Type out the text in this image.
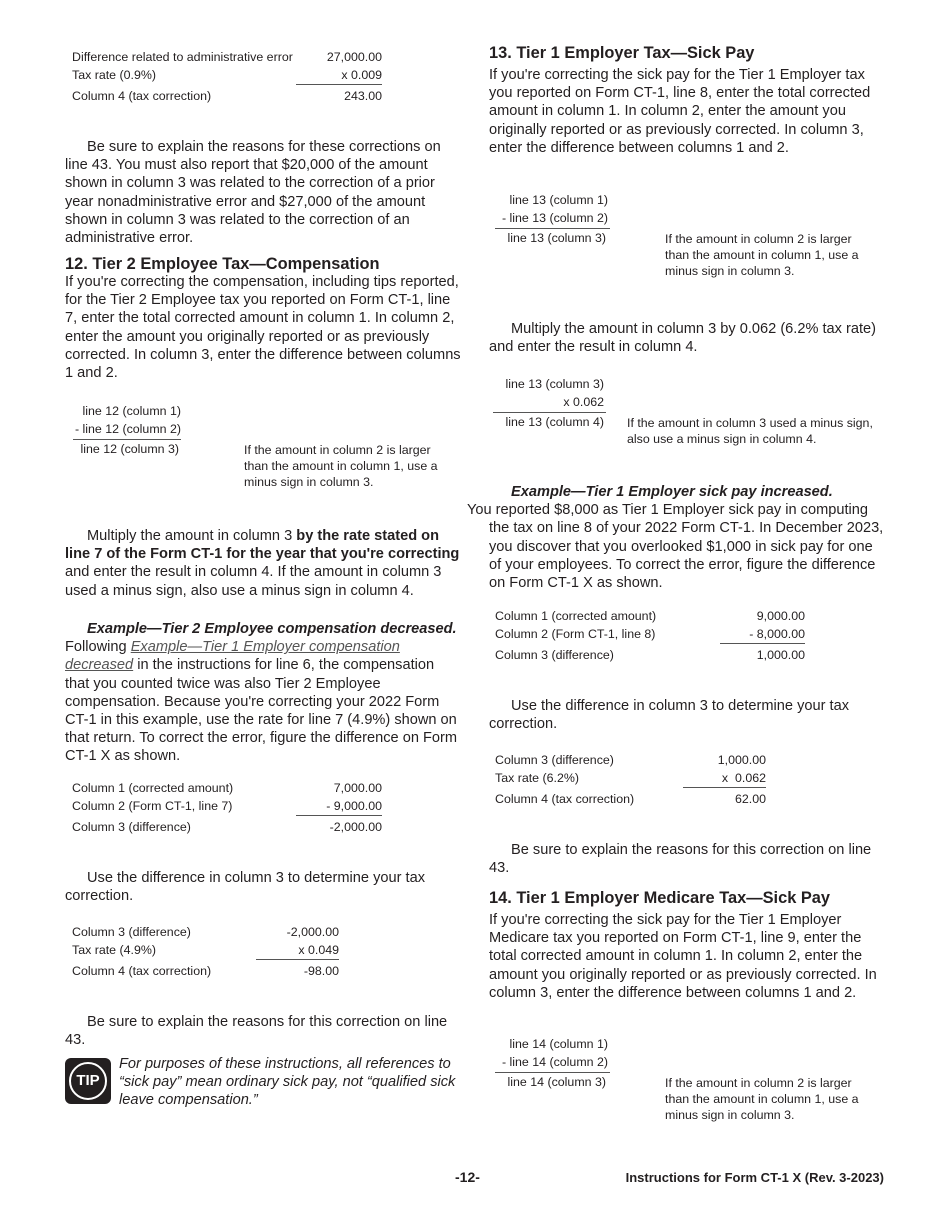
Difference related to administrative error	27,000.00
Tax rate (0.9%)	x 0.009
Column 4 (tax correction)	243.00
Be sure to explain the reasons for these corrections on line 43. You must also report that $20,000 of the amount shown in column 3 was related to the correction of a prior year nonadministrative error and $27,000 of the amount shown in column 3 was related to the correction of an administrative error.
12. Tier 2 Employee Tax—Compensation
If you're correcting the compensation, including tips reported, for the Tier 2 Employee tax you reported on Form CT-1, line 7, enter the total corrected amount in column 1. In column 2, enter the amount you originally reported or as previously corrected. In column 3, enter the difference between columns 1 and 2.
line 12 (column 1)
- line 12 (column 2)
line 12 (column 3)	If the amount in column 2 is larger than the amount in column 1, use a minus sign in column 3.
Multiply the amount in column 3 by the rate stated on line 7 of the Form CT-1 for the year that you're correcting and enter the result in column 4. If the amount in column 3 used a minus sign, also use a minus sign in column 4.
Example—Tier 2 Employee compensation decreased. Following Example—Tier 1 Employer compensation decreased in the instructions for line 6, the compensation that you counted twice was also Tier 2 Employee compensation. Because you're correcting your 2022 Form CT-1 in this example, use the rate for line 7 (4.9%) shown on that return. To correct the error, figure the difference on Form CT-1 X as shown.
Column 1 (corrected amount)	7,000.00
Column 2 (Form CT-1, line 7)	- 9,000.00
Column 3 (difference)	-2,000.00
Use the difference in column 3 to determine your tax correction.
Column 3 (difference)	-2,000.00
Tax rate (4.9%)	x 0.049
Column 4 (tax correction)	-98.00
Be sure to explain the reasons for this correction on line 43.
TIP
For purposes of these instructions, all references to “sick pay” mean ordinary sick pay, not “qualified sick leave compensation.”
13. Tier 1 Employer Tax—Sick Pay
If you're correcting the sick pay for the Tier 1 Employer tax you reported on Form CT-1, line 8, enter the total corrected amount in column 1. In column 2, enter the amount you originally reported or as previously corrected. In column 3, enter the difference between columns 1 and 2.
line 13 (column 1)
- line 13 (column 2)
line 13 (column 3)	If the amount in column 2 is larger than the amount in column 1, use a minus sign in column 3.
Multiply the amount in column 3 by 0.062 (6.2% tax rate) and enter the result in column 4.
line 13 (column 3)
x 0.062
line 13 (column 4) If the amount in column 3 used a minus sign, also use a minus sign in column 4.
Example—Tier 1 Employer sick pay increased.
You reported $8,000 as Tier 1 Employer sick pay in computing the tax on line 8 of your 2022 Form CT-1. In December 2023, you discover that you overlooked $1,000 in sick pay for one of your employees. To correct the error, figure the difference on Form CT-1 X as shown.
Column 1 (corrected amount)	9,000.00
Column 2 (Form CT-1, line 8)	- 8,000.00
Column 3 (difference)	1,000.00
Use the difference in column 3 to determine your tax correction.
Column 3 (difference)	1,000.00
Tax rate (6.2%)	x  0.062
Column 4 (tax correction)	62.00
Be sure to explain the reasons for this correction on line 43.
14. Tier 1 Employer Medicare Tax—Sick Pay
If you're correcting the sick pay for the Tier 1 Employer Medicare tax you reported on Form CT-1, line 9, enter the total corrected amount in column 1. In column 2, enter the amount you originally reported or as previously corrected. In column 3, enter the difference between columns 1 and 2.
line 14 (column 1)
- line 14 (column 2)
line 14 (column 3)	If the amount in column 2 is larger than the amount in column 1, use a minus sign in column 3.
-12-	Instructions for Form CT-1 X (Rev. 3-2023)
